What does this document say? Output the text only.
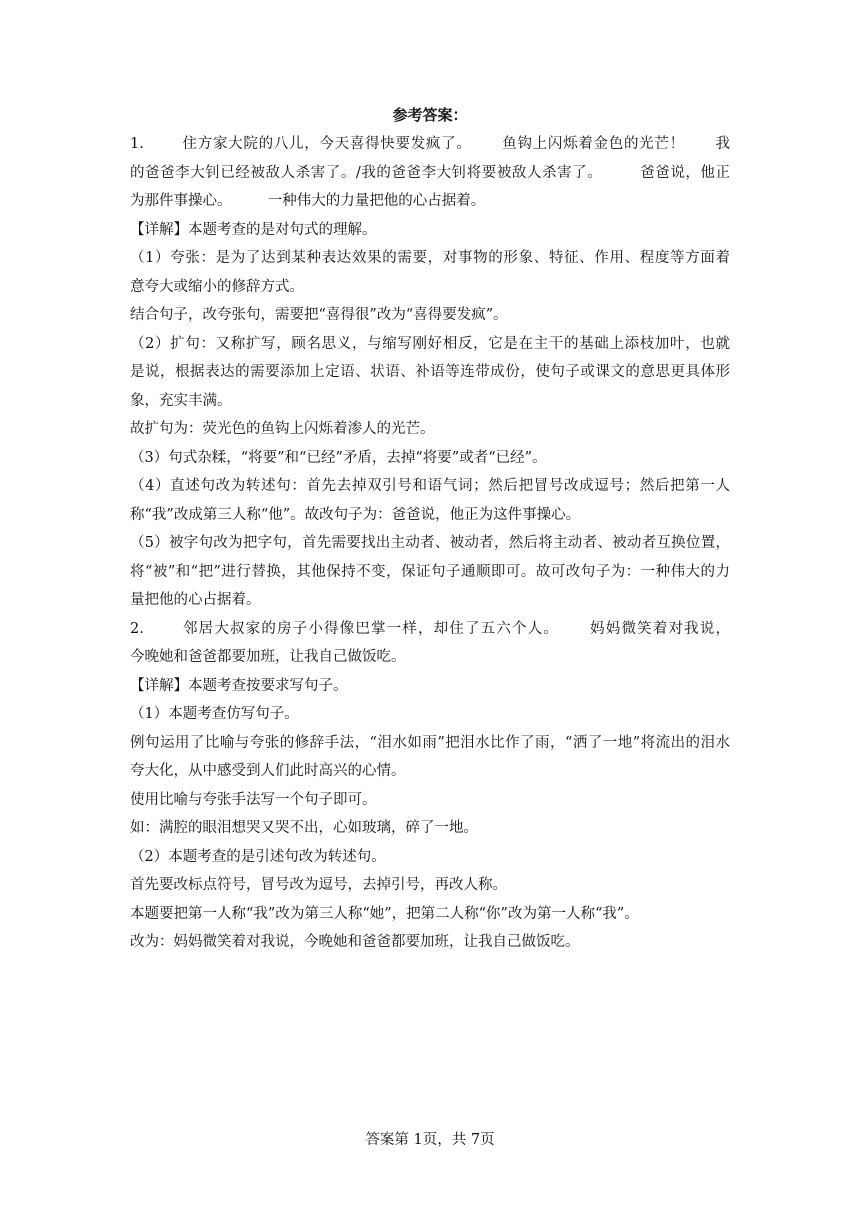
参考答案：
1.	住方家大院的八儿，今天喜得快要发疯了。 鱼钩上闪烁着金色的光芒！ 我
的爸爸李大钊已经被敌人杀害了。/我的爸爸李大钊将要被敌人杀害了。　　　爸爸说，他正
为那件事操心。　　　一种伟大的力量把他的心占据着。
【详解】本题考查的是对句式的理解。
（1）夸张：是为了达到某种表达效果的需要，对事物的形象、特征、作用、程度等方面着
意夸大或缩小的修辞方式。
结合句子，改夸张句，需要把“喜得很”改为“喜得要发疯”。
（2）扩句：又称扩写，顾名思义，与缩写刚好相反，它是在主干的基础上添枝加叶，也就
是说，根据表达的需要添加上定语、状语、补语等连带成份，使句子或课文的意思更具体形
象，充实丰满。
故扩句为：荧光色的鱼钩上闪烁着渗人的光芒。
（3）句式杂糅，“将要”和“已经”矛盾，去掉“将要”或者“已经”。
（4）直述句改为转述句：首先去掉双引号和语气词；然后把冒号改成逗号；然后把第一人
称“我”改成第三人称“他”。故改句子为：爸爸说，他正为这件事操心。
（5）被字句改为把字句，首先需要找出主动者、被动者，然后将主动者、被动者互换位置，
将“被”和“把”进行替换，其他保持不变，保证句子通顺即可。故可改句子为：一种伟大的力
量把他的心占据着。
2.	邻居大叔家的房子小得像巴掌一样，却住了五六个人。 妈妈微笑着对我说，
今晚她和爸爸都要加班，让我自己做饭吃。
【详解】本题考查按要求写句子。
（1）本题考查仿写句子。
例句运用了比喻与夸张的修辞手法，“泪水如雨”把泪水比作了雨，“洒了一地”将流出的泪水
夸大化，从中感受到人们此时高兴的心情。
使用比喻与夸张手法写一个句子即可。
如：满腔的眼泪想哭又哭不出，心如玻璃，碎了一地。
（2）本题考查的是引述句改为转述句。
首先要改标点符号，冒号改为逗号，去掉引号，再改人称。
本题要把第一人称“我”改为第三人称“她”，把第二人称“你”改为第一人称“我”。
改为：妈妈微笑着对我说，今晚她和爸爸都要加班，让我自己做饭吃。
答案第 1页，共 7页
